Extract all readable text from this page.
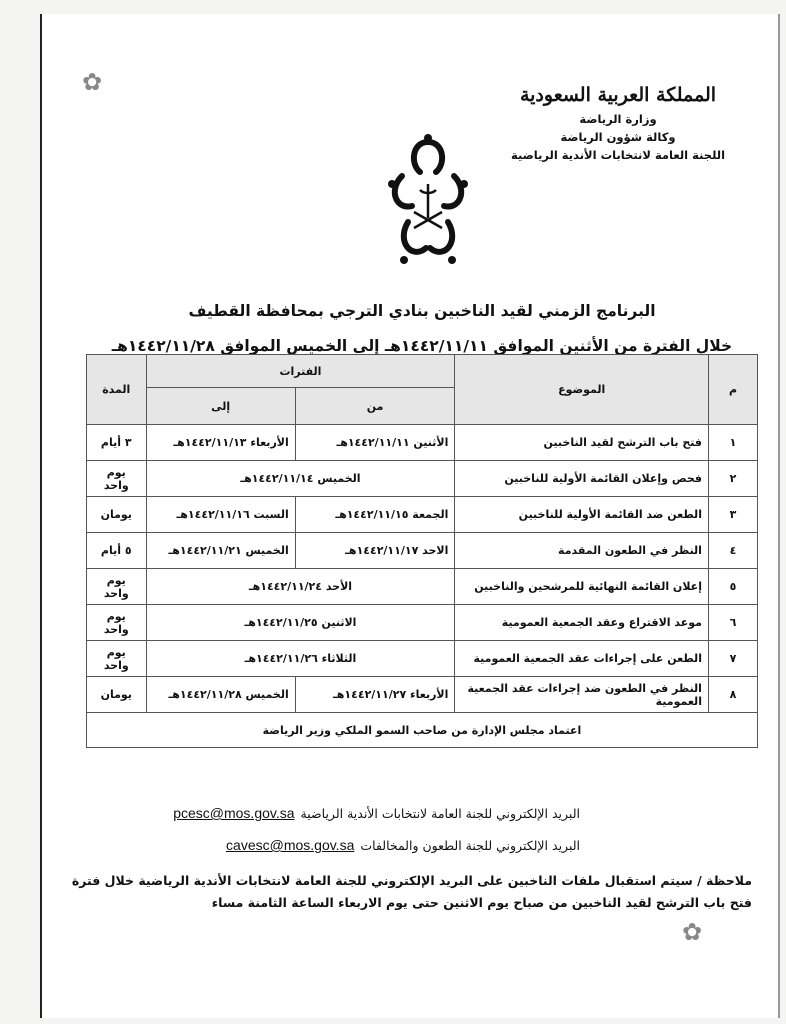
✿
✿
المملكة العربية السعودية
وزارة الرياضة
وكالة شؤون الرياضة
اللجنة العامة لانتخابات الأندية الرياضية
البرنامج الزمني لقيد الناخبين بنادي الترجي بمحافظة القطيف
خلال الفترة من الأثنين الموافق ١٤٤٢/١١/١١هـ إلى الخميس الموافق ١٤٤٢/١١/٢٨هـ
م	الموضوع	الفترات		المدة
		من	إلى	
١	فتح باب الترشح لقيد الناخبين	الأثنين ١٤٤٢/١١/١١هـ	الأربعاء ١٤٤٢/١١/١٣هـ	٣ أيام
٢	فحص وإعلان القائمة الأولية للناخبين	الخميس ١٤٤٢/١١/١٤هـ		يوم واحد
٣	الطعن ضد القائمة الأولية للناخبين	الجمعة ١٤٤٢/١١/١٥هـ	السبت ١٤٤٢/١١/١٦هـ	يومان
٤	النظر في الطعون المقدمة	الاحد ١٤٤٢/١١/١٧هـ	الخميس ١٤٤٢/١١/٢١هـ	٥ أيام
٥	إعلان القائمة النهائية للمرشحين والناخبين	الأحد ١٤٤٢/١١/٢٤هـ		يوم واحد
٦	موعد الاقتراع وعقد الجمعية العمومية	الاثنين ١٤٤٢/١١/٢٥هـ		يوم واحد
٧	الطعن على إجراءات عقد الجمعية العمومية	الثلاثاء ١٤٤٢/١١/٢٦هـ		يوم واحد
٨	النظر في الطعون ضد إجراءات عقد الجمعية العمومية	الأربعاء ١٤٤٢/١١/٢٧هـ	الخميس ١٤٤٢/١١/٢٨هـ	يومان
اعتماد مجلس الإدارة من صاحب السمو الملكي وزير الرياضة				
البريد الإلكتروني للجنة العامة لانتخابات الأندية الرياضية
pcesc@mos.gov.sa
البريد الإلكتروني للجنة الطعون والمخالفات
cavesc@mos.gov.sa
ملاحظة / سيتم استقبال ملفات الناخبين على البريد الإلكتروني للجنة العامة لانتخابات الأندية الرياضية خلال فترة فتح باب الترشح لقيد الناخبين من صباح يوم الاثنين حتى يوم الاربعاء الساعة الثامنة مساء
